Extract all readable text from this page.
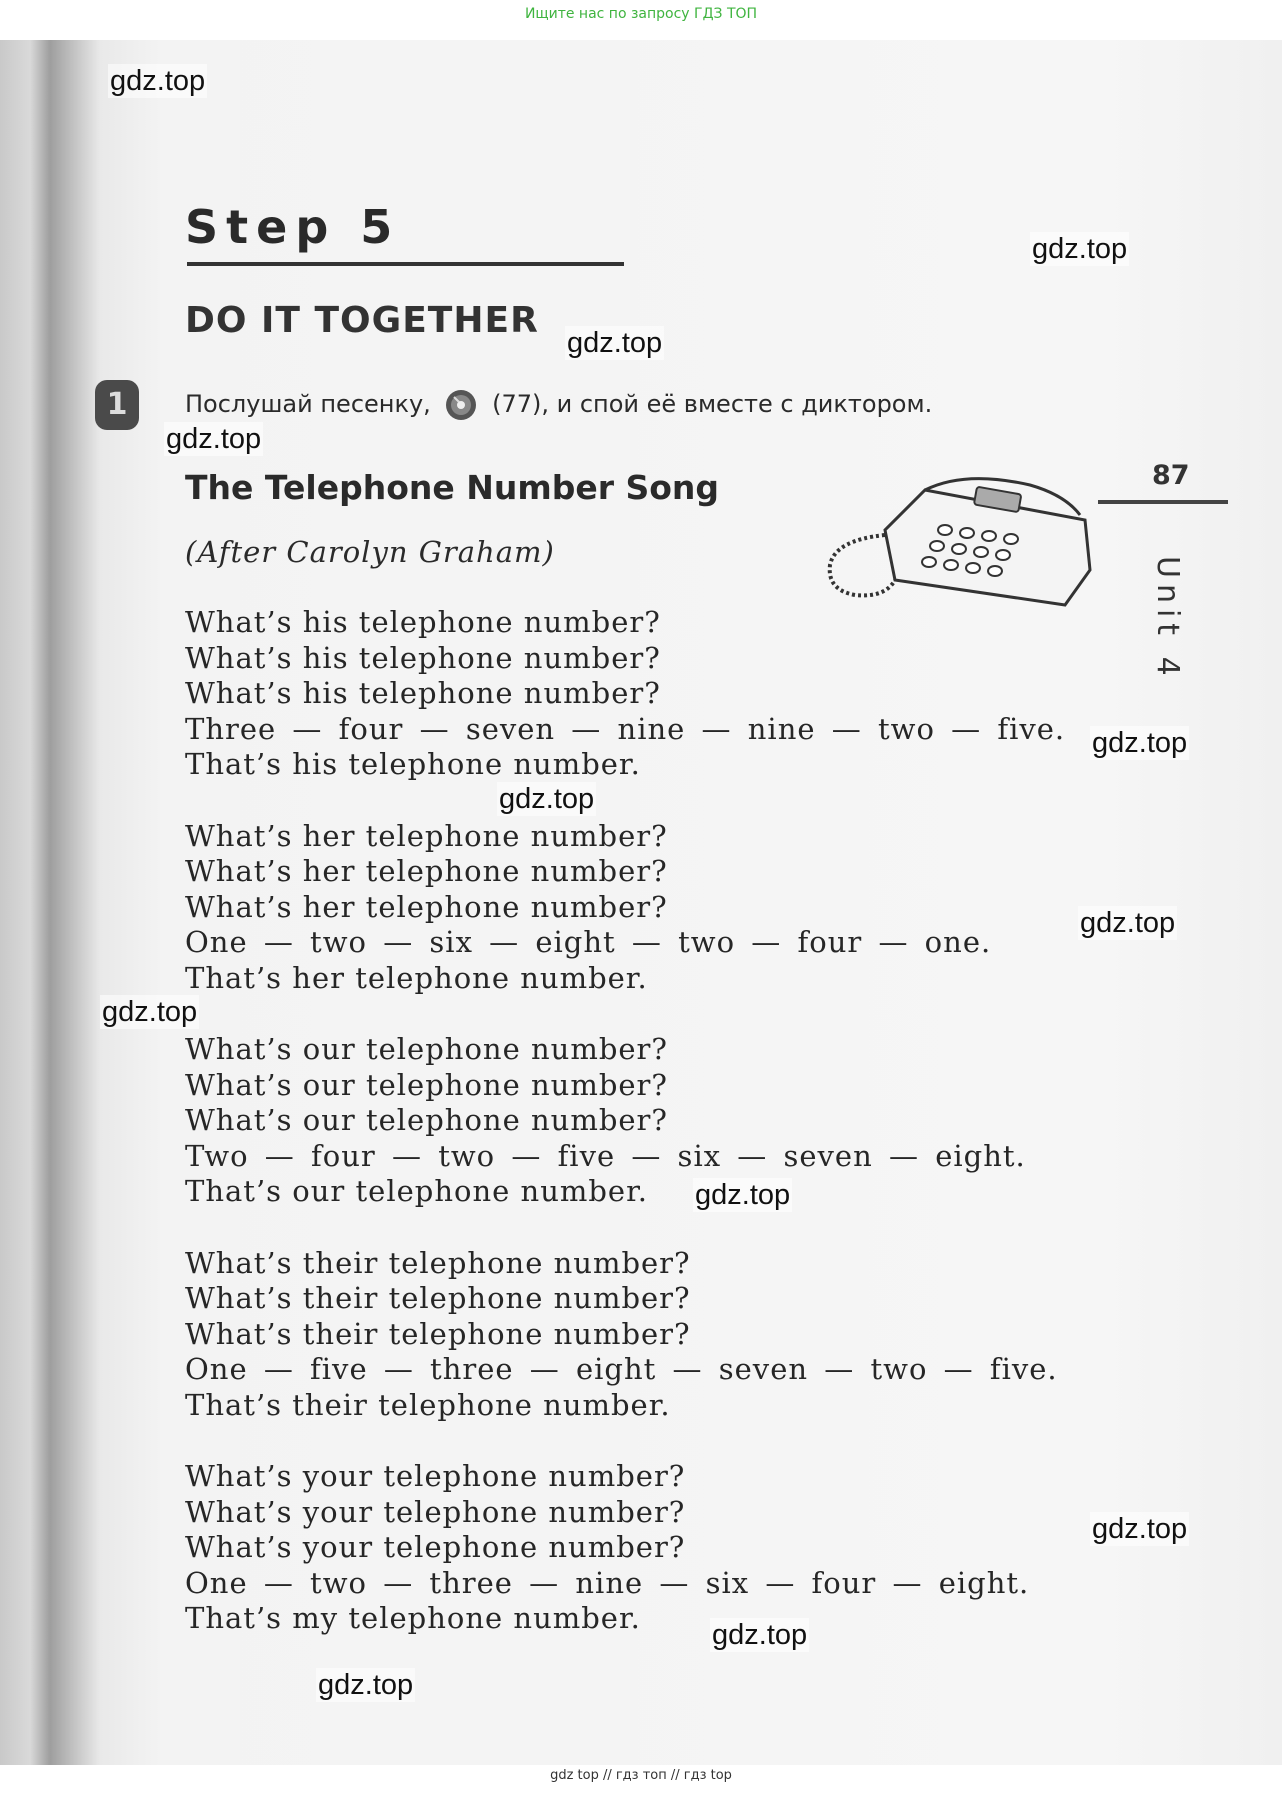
Ищите нас по запросу ГДЗ ТОП
Step 5
DO IT TOGETHER
1	Послушай песенку,	(77), и спой её вместе с диктором.
The Telephone Number Song
(After Carolyn Graham)
87
Unit 4
What’s his telephone number?
What’s his telephone number?
What’s his telephone number?
Three — four — seven — nine — nine — two — five.
That’s his telephone number.
What’s her telephone number?
What’s her telephone number?
What’s her telephone number?
One — two — six — eight — two — four — one.
That’s her telephone number.
What’s our telephone number?
What’s our telephone number?
What’s our telephone number?
Two — four — two — five — six — seven — eight.
That’s our telephone number.
What’s their telephone number?
What’s their telephone number?
What’s their telephone number?
One — five — three — eight — seven — two — five.
That’s their telephone number.
What’s your telephone number?
What’s your telephone number?
What’s your telephone number?
One — two — three — nine — six — four — eight.
That’s my telephone number.
gdz.top
gdz.top
gdz.top
gdz.top
gdz.top
gdz.top
gdz.top
gdz.top
gdz.top
gdz.top
gdz.top
gdz.top
gdz top // гдз топ // гдз top
